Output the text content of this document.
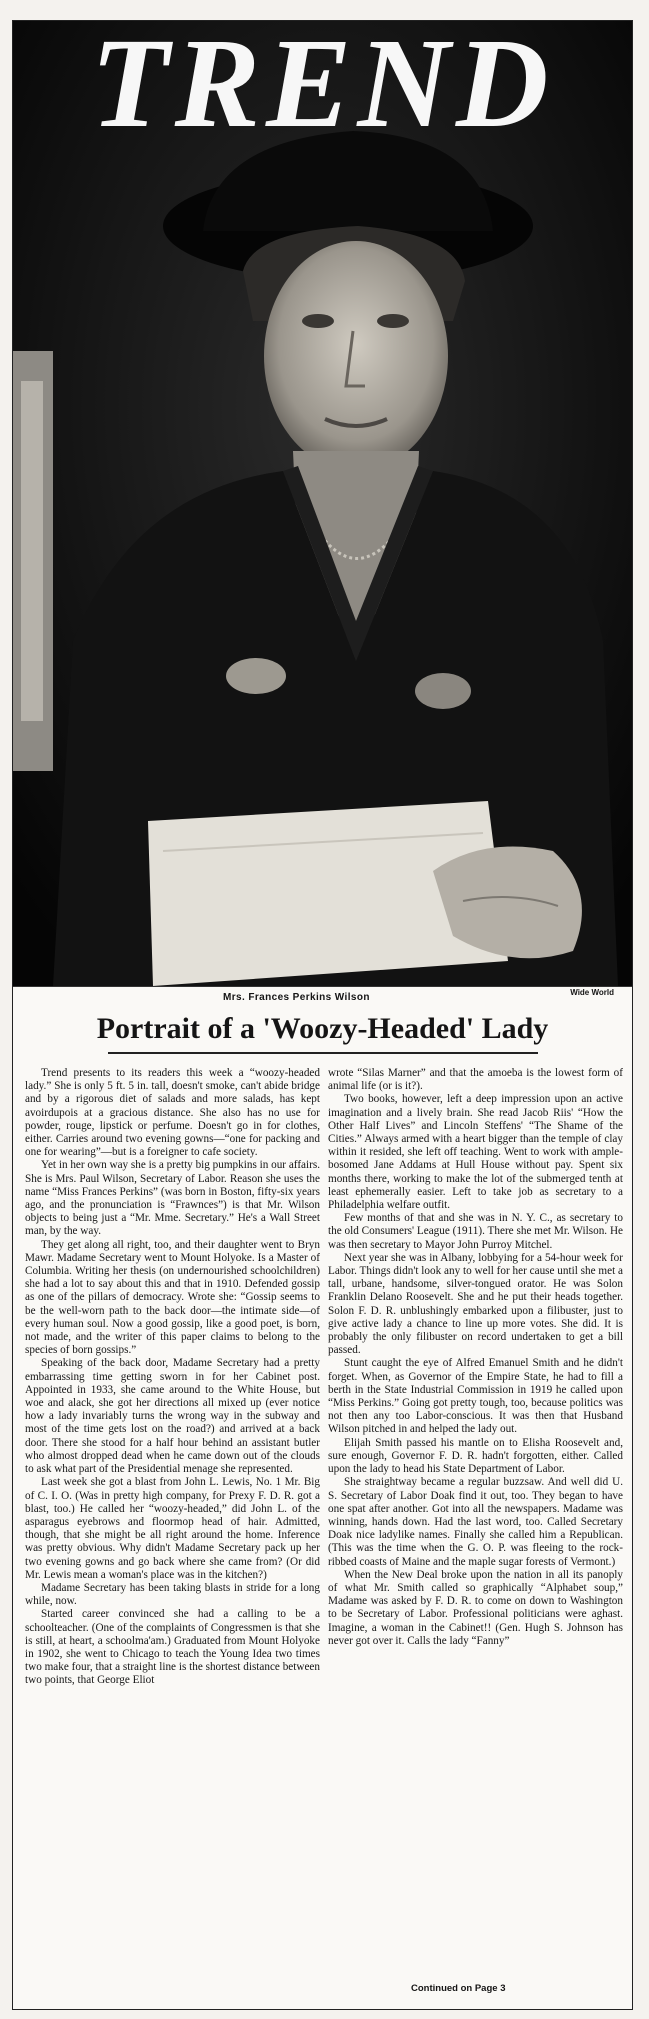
TREND
Mrs. Frances Perkins Wilson	Wide World
Portrait of a 'Woozy-Headed' Lady

Trend presents to its readers this week a “woozy-headed lady.” She is only 5 ft. 5 in. tall, doesn't smoke, can't abide bridge and by a rigorous diet of salads and more salads, has kept avoirdupois at a gracious distance. She also has no use for powder, rouge, lipstick or perfume. Doesn't go in for clothes, either. Carries around two evening gowns—“one for packing and one for wearing”—but is a foreigner to cafe society.

Yet in her own way she is a pretty big pumpkins in our affairs. She is Mrs. Paul Wilson, Secretary of Labor. Reason she uses the name “Miss Frances Perkins” (was born in Boston, fifty-six years ago, and the pronunciation is “Frawnces”) is that Mr. Wilson objects to being just a “Mr. Mme. Secretary.” He's a Wall Street man, by the way.

They get along all right, too, and their daughter went to Bryn Mawr. Madame Secretary went to Mount Holyoke. Is a Master of Columbia. Writing her thesis (on undernourished schoolchildren) she had a lot to say about this and that in 1910. Defended gossip as one of the pillars of democracy. Wrote she: “Gossip seems to be the well-worn path to the back door—the intimate side—of every human soul. Now a good gossip, like a good poet, is born, not made, and the writer of this paper claims to belong to the species of born gossips.”

Speaking of the back door, Madame Secretary had a pretty embarrassing time getting sworn in for her Cabinet post. Appointed in 1933, she came around to the White House, but woe and alack, she got her directions all mixed up (ever notice how a lady invariably turns the wrong way in the subway and most of the time gets lost on the road?) and arrived at a back door. There she stood for a half hour behind an assistant butler who almost dropped dead when he came down out of the clouds to ask what part of the Presidential menage she represented.

Last week she got a blast from John L. Lewis, No. 1 Mr. Big of C. I. O. (Was in pretty high company, for Prexy F. D. R. got a blast, too.) He called her “woozy-headed,” did John L. of the asparagus eyebrows and floormop head of hair. Admitted, though, that she might be all right around the home. Inference was pretty obvious. Why didn't Madame Secretary pack up her two evening gowns and go back where she came from? (Or did Mr. Lewis mean a woman's place was in the kitchen?)

Madame Secretary has been taking blasts in stride for a long while, now.

Started career convinced she had a calling to be a schoolteacher. (One of the complaints of Congressmen is that she is still, at heart, a schoolma'am.) Graduated from Mount Holyoke in 1902, she went to Chicago to teach the Young Idea two times two make four, that a straight line is the shortest distance between two points, that George Eliot

wrote “Silas Marner” and that the amoeba is the lowest form of animal life (or is it?).

Two books, however, left a deep impression upon an active imagination and a lively brain. She read Jacob Riis' “How the Other Half Lives” and Lincoln Steffens' “The Shame of the Cities.” Always armed with a heart bigger than the temple of clay within it resided, she left off teaching. Went to work with ample-bosomed Jane Addams at Hull House without pay. Spent six months there, working to make the lot of the submerged tenth at least ephemerally easier. Left to take job as secretary to a Philadelphia welfare outfit.

Few months of that and she was in N. Y. C., as secretary to the old Consumers' League (1911). There she met Mr. Wilson. He was then secretary to Mayor John Purroy Mitchel.

Next year she was in Albany, lobbying for a 54-hour week for Labor. Things didn't look any to well for her cause until she met a tall, urbane, handsome, silver-tongued orator. He was Solon Franklin Delano Roosevelt. She and he put their heads together. Solon F. D. R. unblushingly embarked upon a filibuster, just to give active lady a chance to line up more votes. She did. It is probably the only filibuster on record undertaken to get a bill passed.

Stunt caught the eye of Alfred Emanuel Smith and he didn't forget. When, as Governor of the Empire State, he had to fill a berth in the State Industrial Commission in 1919 he called upon “Miss Perkins.” Going got pretty tough, too, because politics was not then any too Labor-conscious. It was then that Husband Wilson pitched in and helped the lady out.

Elijah Smith passed his mantle on to Elisha Roosevelt and, sure enough, Governor F. D. R. hadn't forgotten, either. Called upon the lady to head his State Department of Labor.

She straightway became a regular buzzsaw. And well did U. S. Secretary of Labor Doak find it out, too. They began to have one spat after another. Got into all the newspapers. Madame was winning, hands down. Had the last word, too. Called Secretary Doak nice ladylike names. Finally she called him a Republican. (This was the time when the G. O. P. was fleeing to the rock-ribbed coasts of Maine and the maple sugar forests of Vermont.)

When the New Deal broke upon the nation in all its panoply of what Mr. Smith called so graphically “Alphabet soup,” Madame was asked by F. D. R. to come on down to Washington to be Secretary of Labor. Professional politicians were aghast. Imagine, a woman in the Cabinet!! (Gen. Hugh S. Johnson has never got over it. Calls the lady “Fanny”

Continued on Page 3
